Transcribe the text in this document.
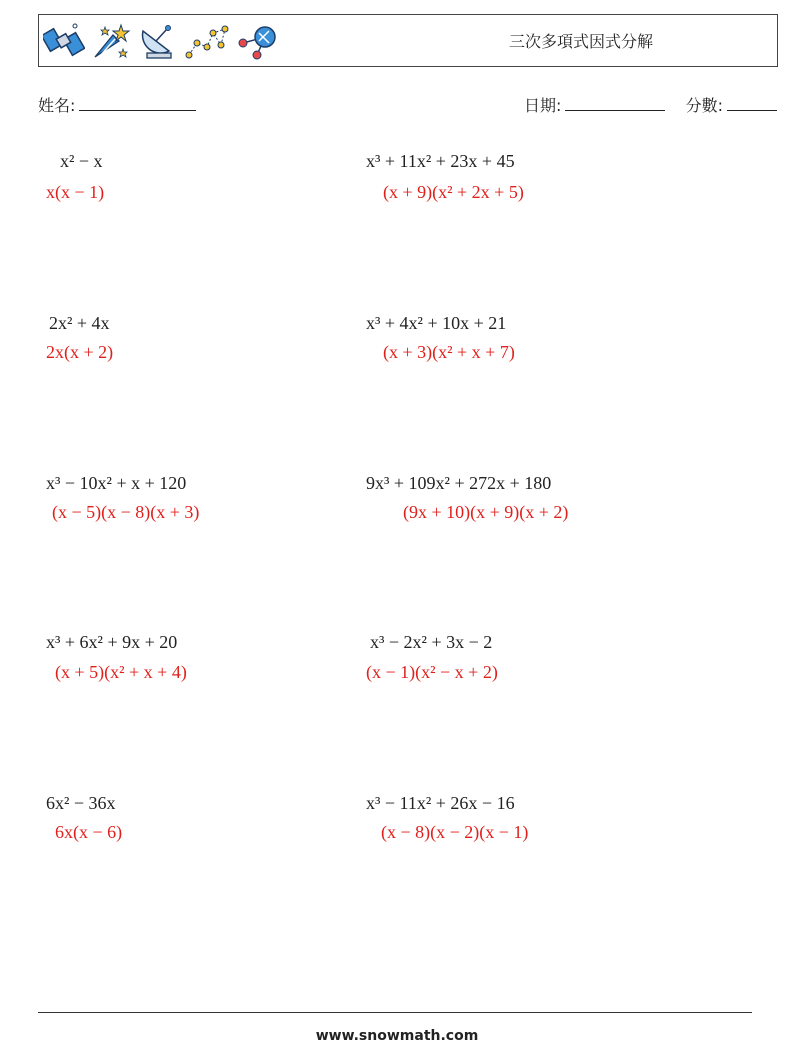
三次多項式因式分解
姓名:	日期:	分數:
x² − x
x(x − 1)
x³ + 11x² + 23x + 45
(x + 9)(x² + 2x + 5)
2x² + 4x
2x(x + 2)
x³ + 4x² + 10x + 21
(x + 3)(x² + x + 7)
x³ − 10x² + x + 120
(x − 5)(x − 8)(x + 3)
9x³ + 109x² + 272x + 180
(9x + 10)(x + 9)(x + 2)
x³ + 6x² + 9x + 20
(x + 5)(x² + x + 4)
x³ − 2x² + 3x − 2
(x − 1)(x² − x + 2)
6x² − 36x
6x(x − 6)
x³ − 11x² + 26x − 16
(x − 8)(x − 2)(x − 1)
www.snowmath.com
